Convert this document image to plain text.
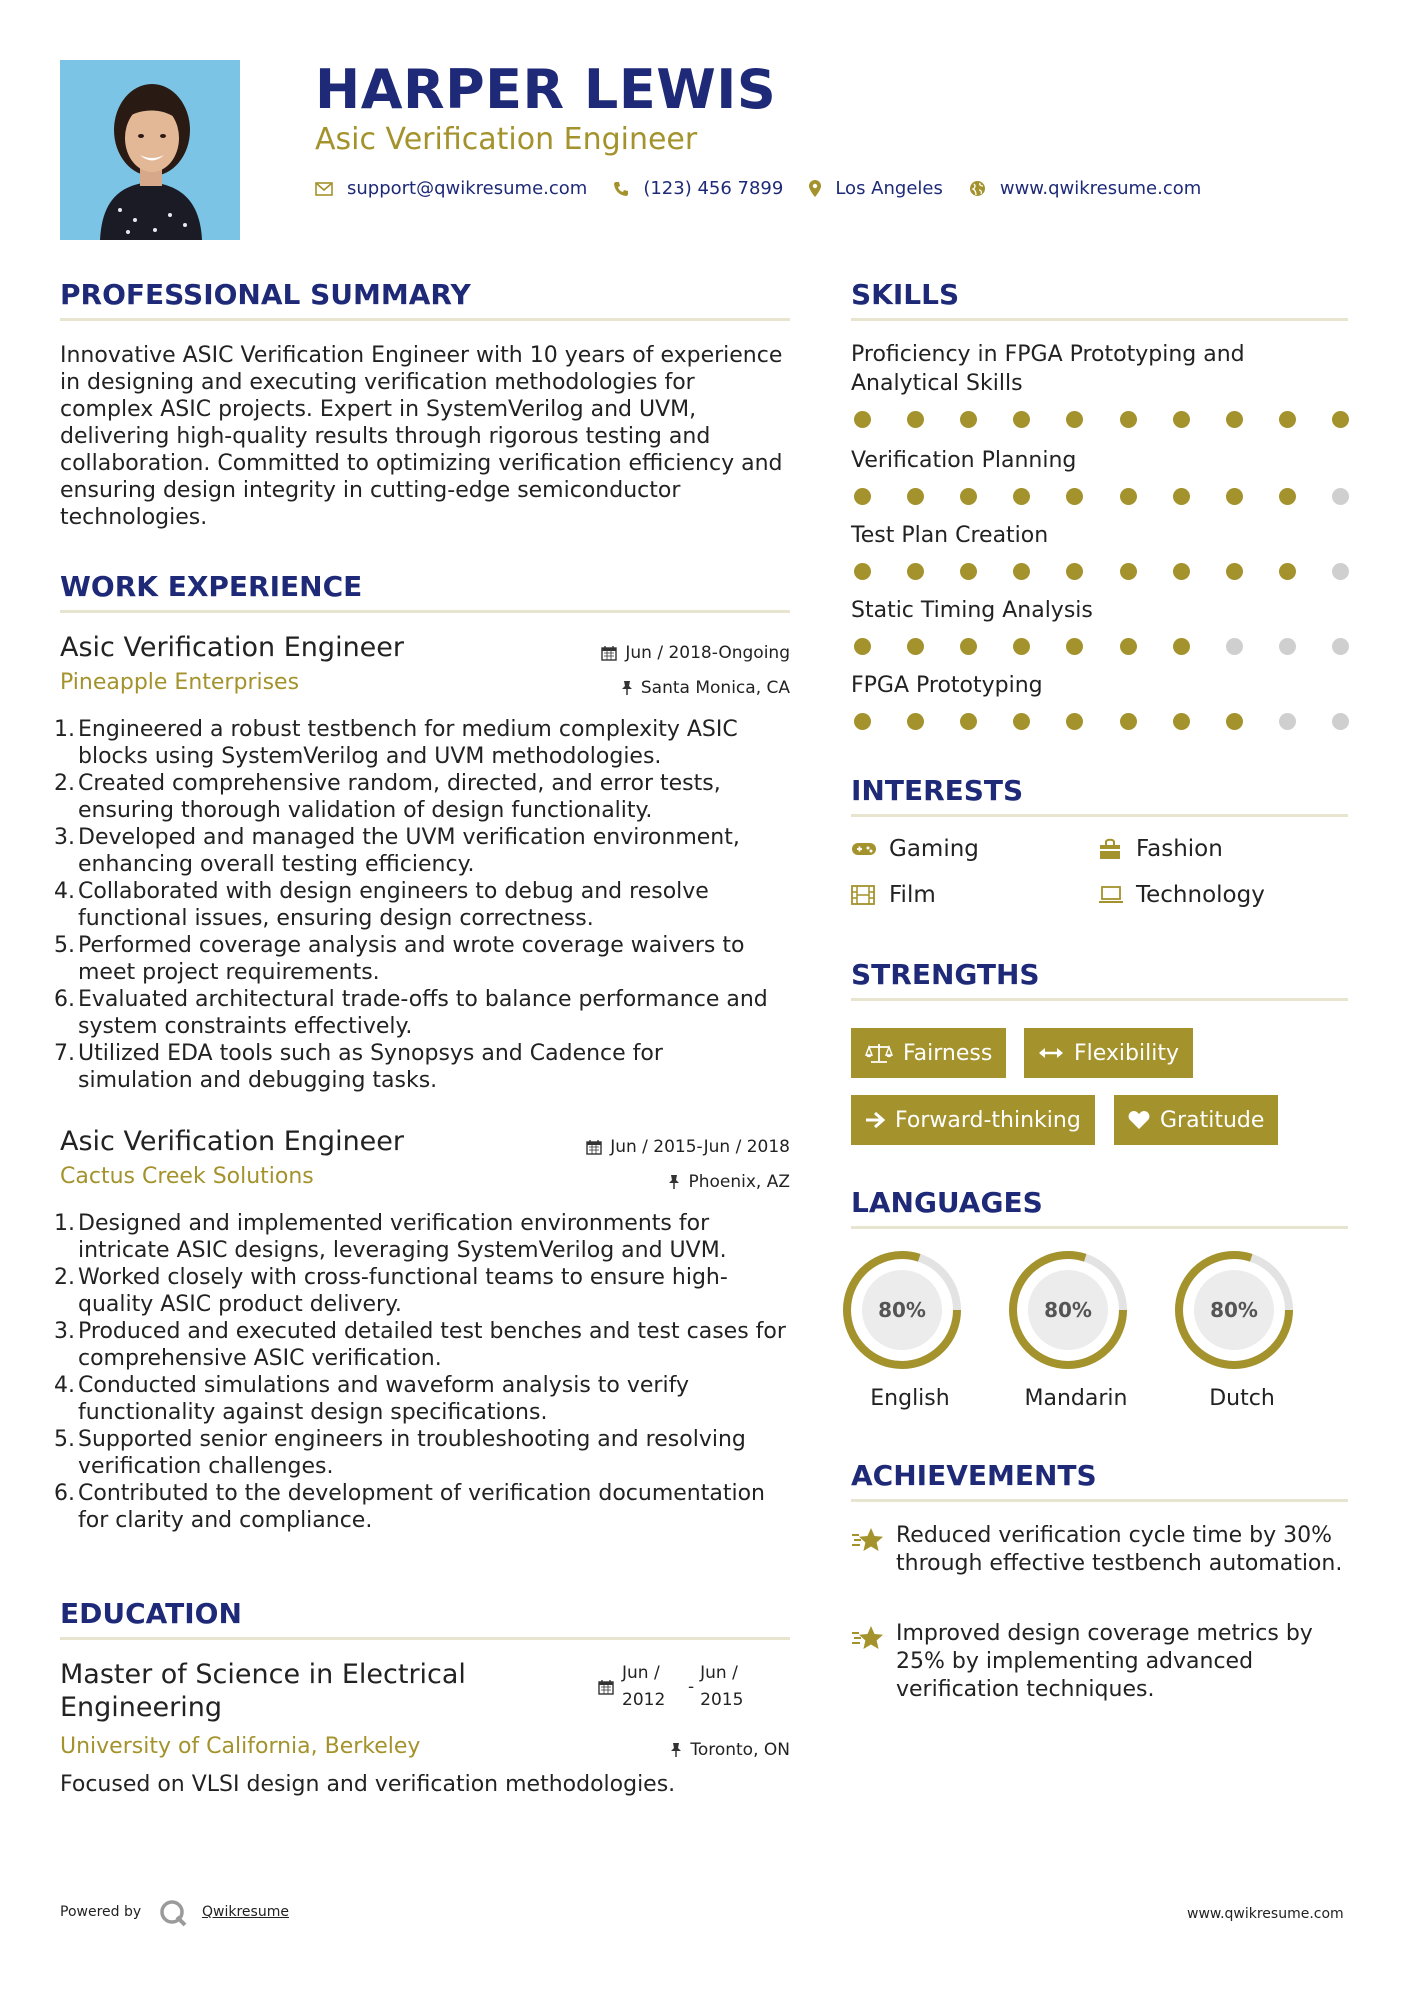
HARPER LEWIS
Asic Verification Engineer
support@qwikresume.com	(123) 456 7899	Los Angeles	www.qwikresume.com
PROFESSIONAL SUMMARY
Innovative ASIC Verification Engineer with 10 years of experience in designing and executing verification methodologies for complex ASIC projects. Expert in SystemVerilog and UVM, delivering high-quality results through rigorous testing and collaboration. Committed to optimizing verification efficiency and ensuring design integrity in cutting-edge semiconductor technologies.
WORK EXPERIENCE
Asic Verification Engineer	Jun / 2018-Ongoing
Pineapple Enterprises	Santa Monica, CA
1. Engineered a robust testbench for medium complexity ASIC blocks using SystemVerilog and UVM methodologies.
2. Created comprehensive random, directed, and error tests, ensuring thorough validation of design functionality.
3. Developed and managed the UVM verification environment, enhancing overall testing efficiency.
4. Collaborated with design engineers to debug and resolve functional issues, ensuring design correctness.
5. Performed coverage analysis and wrote coverage waivers to meet project requirements.
6. Evaluated architectural trade-offs to balance performance and system constraints effectively.
7. Utilized EDA tools such as Synopsys and Cadence for simulation and debugging tasks.
Asic Verification Engineer	Jun / 2015-Jun / 2018
Cactus Creek Solutions	Phoenix, AZ
1. Designed and implemented verification environments for intricate ASIC designs, leveraging SystemVerilog and UVM.
2. Worked closely with cross-functional teams to ensure high-quality ASIC product delivery.
3. Produced and executed detailed test benches and test cases for comprehensive ASIC verification.
4. Conducted simulations and waveform analysis to verify functionality against design specifications.
5. Supported senior engineers in troubleshooting and resolving verification challenges.
6. Contributed to the development of verification documentation for clarity and compliance.
EDUCATION
Master of Science in Electrical Engineering
Jun / 2012
-
Jun / 2015
University of California, Berkeley	Toronto, ON
Focused on VLSI design and verification methodologies.
SKILLS
Proficiency in FPGA Prototyping and Analytical Skills
Verification Planning
Test Plan Creation
Static Timing Analysis
FPGA Prototyping
INTERESTS
Gaming	Fashion
Film	Technology
STRENGTHS
Fairness	Flexibility
Forward-thinking	Gratitude
LANGUAGES
80%
English
80%
Mandarin
80%
Dutch
ACHIEVEMENTS
Reduced verification cycle time by 30% through effective testbench automation.
Improved design coverage metrics by 25% by implementing advanced verification techniques.
Powered by	Qwikresume	www.qwikresume.com
